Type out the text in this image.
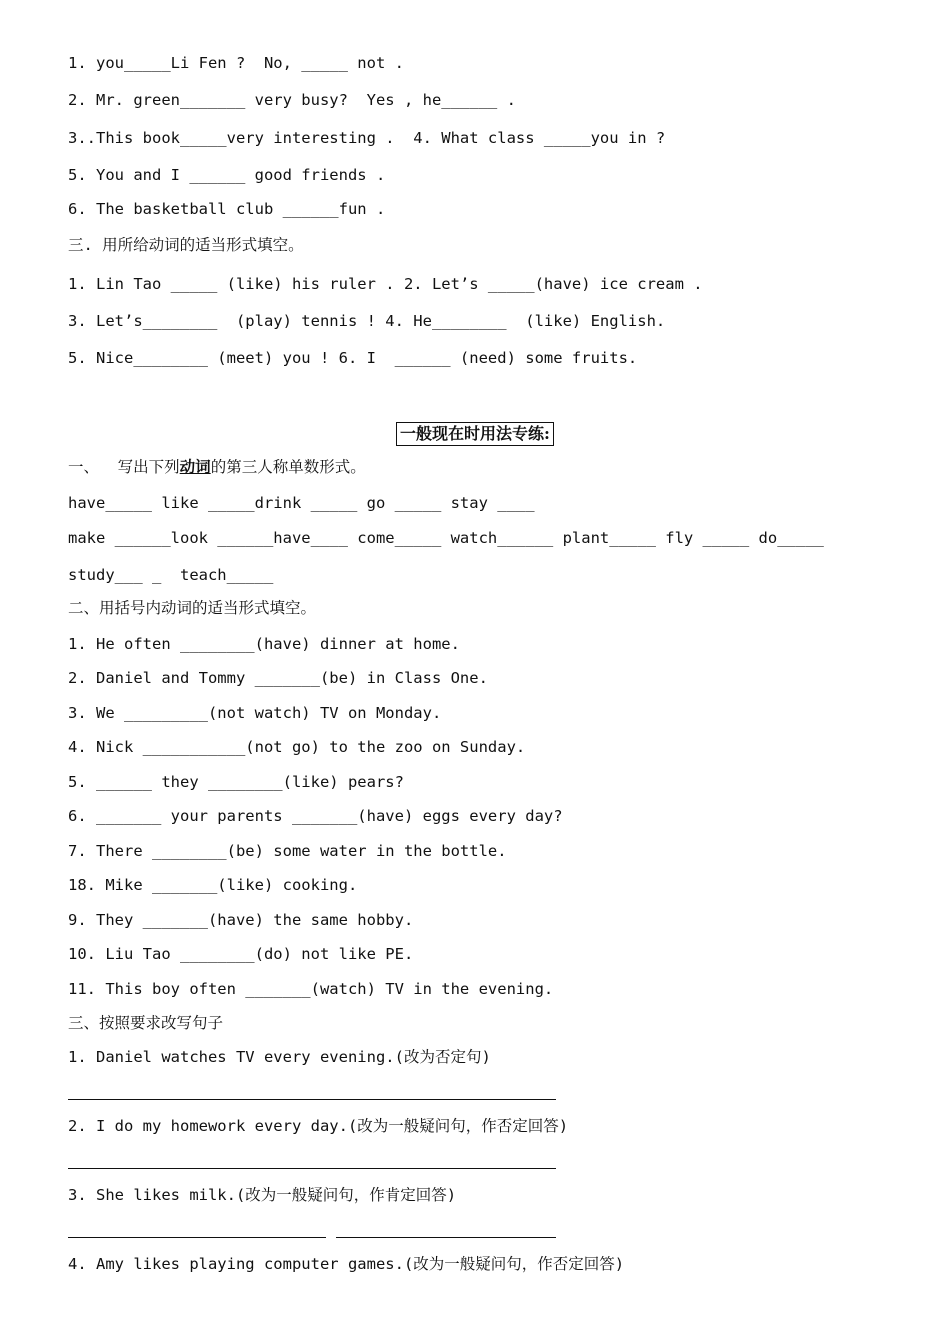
1. you_____Li Fen ?  No, _____ not .

2. Mr. green_______ very busy?  Yes , he______ .

3..This book_____very interesting .  4. What class _____you in ?

5. You and I ______ good friends .

6. The basketball club ______fun .

三. 用所给动词的适当形式填空。

1. Lin Tao _____ (like) his ruler . 2. Let’s _____(have) ice cream .

3. Let’s________  (play) tennis ! 4. He________  (like) English.

5. Nice________ (meet) you ! 6. I  ______ (need) some fruits.

一般现在时用法专练:

一、  写出下列动词的第三人称单数形式。

have_____ like _____drink _____ go _____ stay ____

make ______look ______have____ come_____ watch______ plant_____ fly _____ do_____

study___ _  teach_____

二、用括号内动词的适当形式填空。

1. He often ________(have) dinner at home.

2. Daniel and Tommy _______(be) in Class One.

3. We _________(not watch) TV on Monday.

4. Nick ___________(not go) to the zoo on Sunday.

5. ______ they ________(like) pears?

6. _______ your parents _______(have) eggs every day?

7. There ________(be) some water in the bottle.

18. Mike _______(like) cooking.

9. They _______(have) the same hobby.

10. Liu Tao ________(do) not like PE.

11. This boy often _______(watch) TV in the evening.

三、按照要求改写句子

1. Daniel watches TV every evening.(改为否定句)

2. I do my homework every day.(改为一般疑问句，作否定回答)

3. She likes milk.(改为一般疑问句，作肯定回答)

4. Amy likes playing computer games.(改为一般疑问句，作否定回答)
